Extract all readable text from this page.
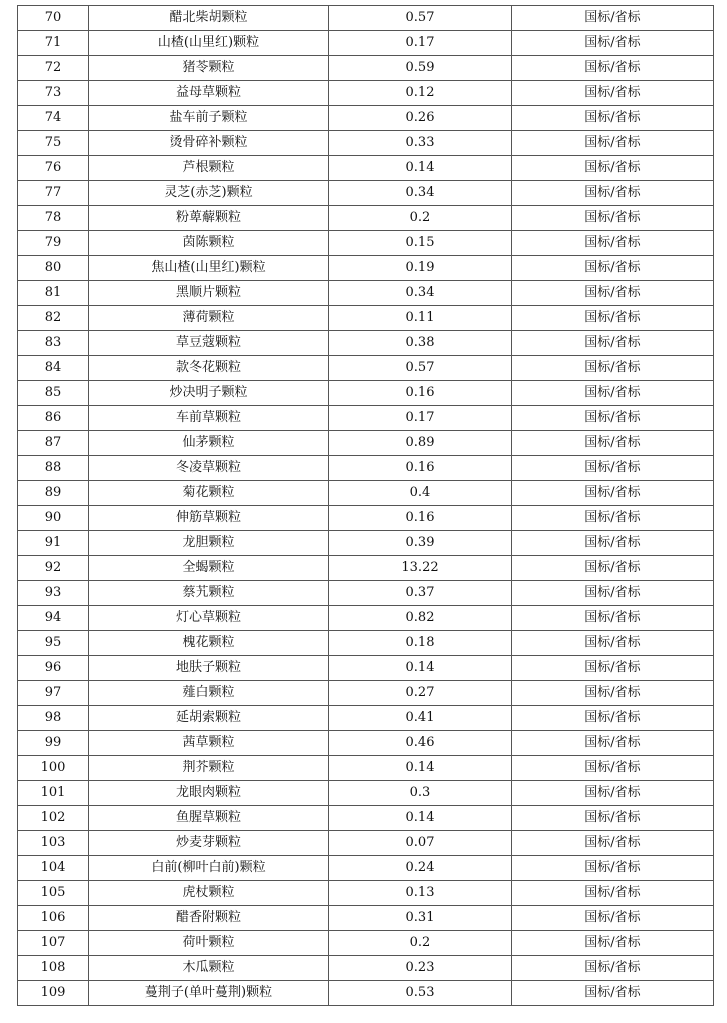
70	醋北柴胡颗粒	0.57	国标/省标
71	山楂(山里红)颗粒	0.17	国标/省标
72	猪苓颗粒	0.59	国标/省标
73	益母草颗粒	0.12	国标/省标
74	盐车前子颗粒	0.26	国标/省标
75	烫骨碎补颗粒	0.33	国标/省标
76	芦根颗粒	0.14	国标/省标
77	灵芝(赤芝)颗粒	0.34	国标/省标
78	粉萆薢颗粒	0.2	国标/省标
79	茵陈颗粒	0.15	国标/省标
80	焦山楂(山里红)颗粒	0.19	国标/省标
81	黑顺片颗粒	0.34	国标/省标
82	薄荷颗粒	0.11	国标/省标
83	草豆蔻颗粒	0.38	国标/省标
84	款冬花颗粒	0.57	国标/省标
85	炒决明子颗粒	0.16	国标/省标
86	车前草颗粒	0.17	国标/省标
87	仙茅颗粒	0.89	国标/省标
88	冬凌草颗粒	0.16	国标/省标
89	菊花颗粒	0.4	国标/省标
90	伸筋草颗粒	0.16	国标/省标
91	龙胆颗粒	0.39	国标/省标
92	全蝎颗粒	13.22	国标/省标
93	蔡艽颗粒	0.37	国标/省标
94	灯心草颗粒	0.82	国标/省标
95	槐花颗粒	0.18	国标/省标
96	地肤子颗粒	0.14	国标/省标
97	薤白颗粒	0.27	国标/省标
98	延胡索颗粒	0.41	国标/省标
99	茜草颗粒	0.46	国标/省标
100	荆芥颗粒	0.14	国标/省标
101	龙眼肉颗粒	0.3	国标/省标
102	鱼腥草颗粒	0.14	国标/省标
103	炒麦芽颗粒	0.07	国标/省标
104	白前(柳叶白前)颗粒	0.24	国标/省标
105	虎杖颗粒	0.13	国标/省标
106	醋香附颗粒	0.31	国标/省标
107	荷叶颗粒	0.2	国标/省标
108	木瓜颗粒	0.23	国标/省标
109	蔓荆子(单叶蔓荆)颗粒	0.53	国标/省标
